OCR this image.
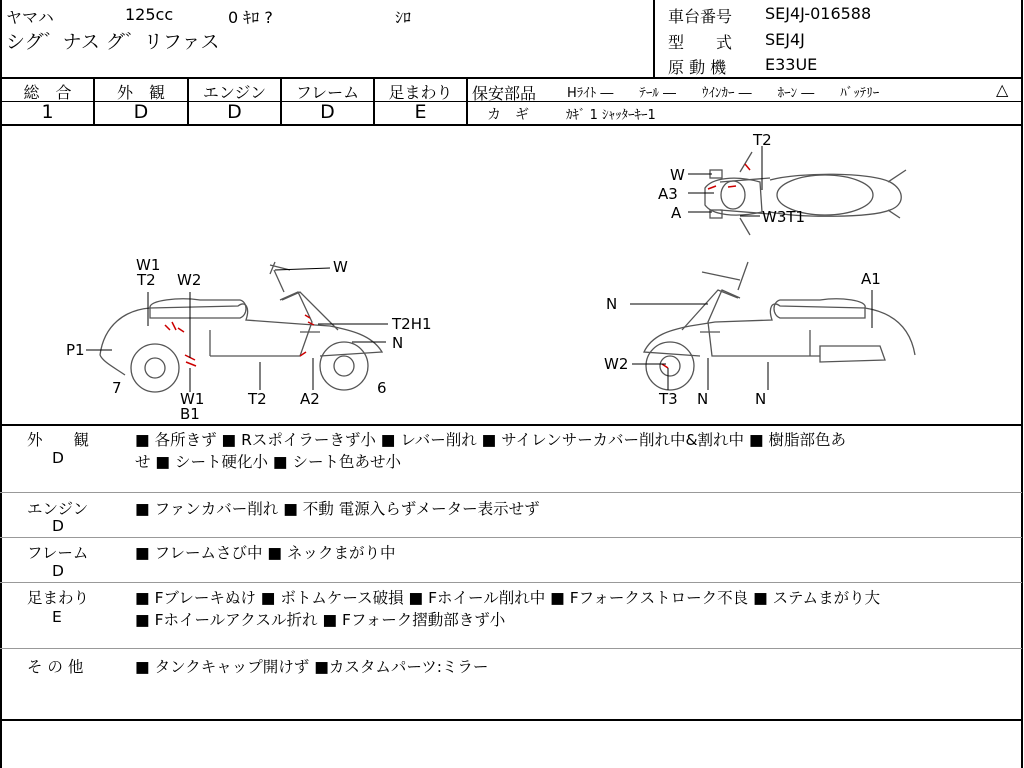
ヤマハ	125cc	0 ｷﾛ ?	ｼﾛ
シグ゛ナス グ゛リファス
車台番号 SEJ4J-016588
型　　式 SEJ4J
原 動 機 E33UE
総　合	外　観	エンジン	フレーム	足まわり
1	D	D	D	E
保安部品 Hﾗｲﾄ ―　　ﾃｰﾙ ―　　ｳｲﾝｶｰ ―　　ﾎｰﾝ ―　　ﾊﾞｯﾃﾘｰ	△
カ　ギ	ｶｷﾞ 1 ｼｬｯﾀｰｷｰ1
T2
W
A3
A	W3T1
W1
T2 W2
W
T2H1
N
P1
7
W1
B1
T2 A2
6
A1
N
W2
T3 N	N
外　　観
D
■ 各所きず ■ Rスポイラーきず小 ■ レバー削れ ■ サイレンサーカバー削れ中&割れ中 ■ 樹脂部色あ
せ ■ シート硬化小 ■ シート色あせ小
エンジン
D
■ ファンカバー削れ ■ 不動 電源入らずメーター表示せず
フレーム
D
■ フレームさび中 ■ ネックまがり中
足まわり
E
■ Fブレーキぬけ ■ ボトムケース破損 ■ Fホイール削れ中 ■ Fフォークストローク不良 ■ ステムまがり大
■ Fホイールアクスル折れ ■ Fフォーク摺動部きず小
そ の 他	■ タンクキャップ開けず ■カスタムパーツ:ミラー
